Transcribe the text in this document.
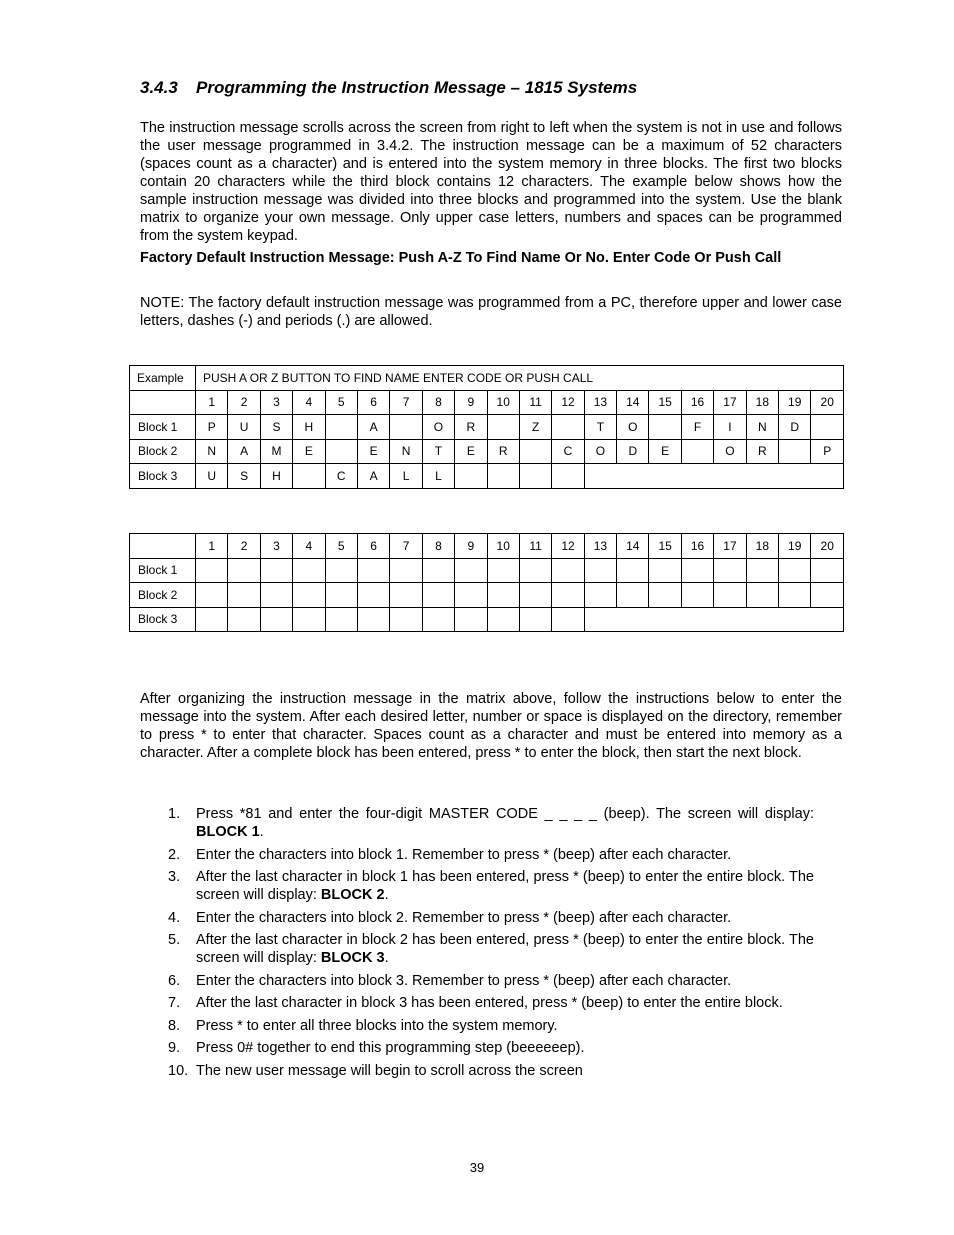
3.4.3 Programming the Instruction Message – 1815 Systems

The instruction message scrolls across the screen from right to left when the system is not in use and follows the user message programmed in 3.4.2. The instruction message can be a maximum of 52 characters (spaces count as a character) and is entered into the system memory in three blocks. The first two blocks contain 20 characters while the third block contains 12 characters. The example below shows how the sample instruction message was divided into three blocks and programmed into the system. Use the blank matrix to organize your own message. Only upper case letters, numbers and spaces can be programmed from the system keypad.

Factory Default Instruction Message: Push A-Z To Find Name Or No. Enter Code Or Push Call

NOTE: The factory default instruction message was programmed from a PC, therefore upper and lower case letters, dashes (-) and periods (.) are allowed.

Example	PUSH A OR Z BUTTON TO FIND NAME ENTER CODE OR PUSH CALL																			
	1	2	3	4	5	6	7	8	9	10	11	12	13	14	15	16	17	18	19	20
Block 1	P	U	S	H		A		O	R		Z		T	O		F	I	N	D	
Block 2	N	A	M	E		E	N	T	E	R		C	O	D	E		O	R		P
Block 3	U	S	H		C	A	L	L												
	1	2	3	4	5	6	7	8	9	10	11	12	13	14	15	16	17	18	19	20
Block 1																				
Block 2																				
Block 3																				

After organizing the instruction message in the matrix above, follow the instructions below to enter the message into the system. After each desired letter, number or space is displayed on the directory, remember to press * to enter that character. Spaces count as a character and must be entered into memory as a character. After a complete block has been entered, press * to enter the block, then start the next block.

1. Press *81 and enter the four-digit MASTER CODE _ _ _ _ (beep). The screen will display: BLOCK 1.
2. Enter the characters into block 1. Remember to press * (beep) after each character.
3. After the last character in block 1 has been entered, press * (beep) to enter the entire block. The screen will display: BLOCK 2.
4. Enter the characters into block 2. Remember to press * (beep) after each character.
5. After the last character in block 2 has been entered, press * (beep) to enter the entire block. The screen will display: BLOCK 3.
6. Enter the characters into block 3. Remember to press * (beep) after each character.
7. After the last character in block 3 has been entered, press * (beep) to enter the entire block.
8. Press * to enter all three blocks into the system memory.
9. Press 0# together to end this programming step (beeeeeep).
10. The new user message will begin to scroll across the screen
39
